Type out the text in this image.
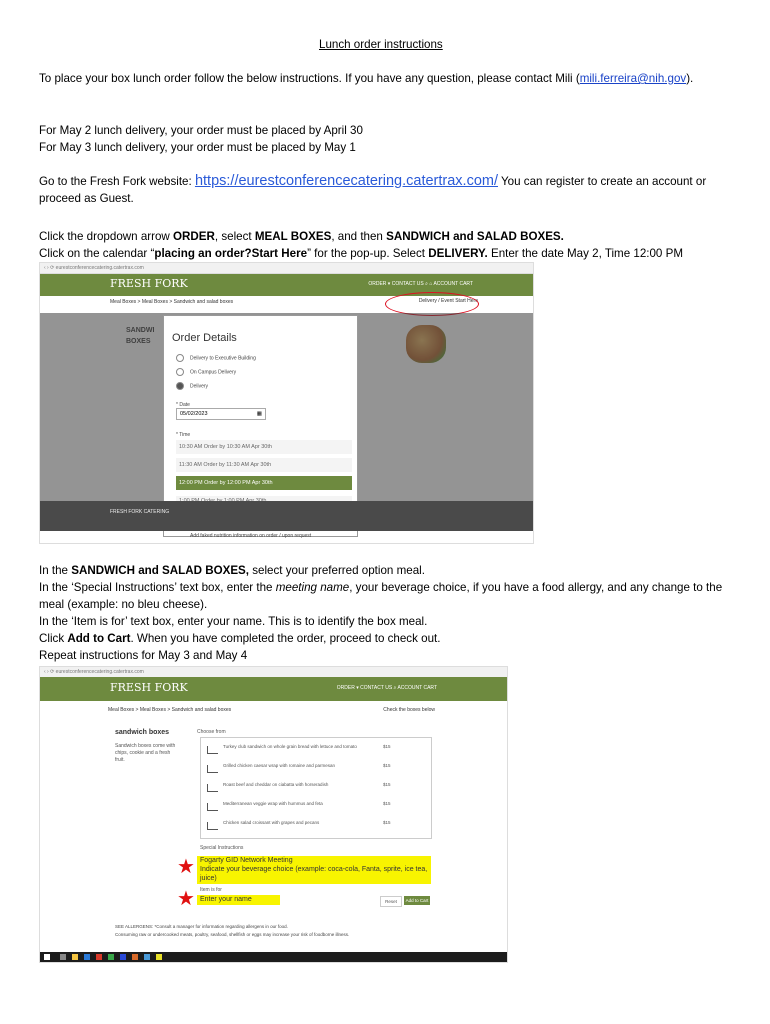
Lunch order instructions
To place your box lunch order follow the below instructions. If you have any question, please contact Mili (mili.ferreira@nih.gov).
For May 2 lunch delivery, your order must be placed by April 30
For May 3 lunch delivery, your order must be placed by May 1
Go to the Fresh Fork website: https://eurestconferencecatering.catertrax.com/ You can register to create an account or proceed as Guest.
Click the dropdown arrow ORDER, select MEAL BOXES, and then SANDWICH and SALAD BOXES.
Click on the calendar “placing an order?Start Here” for the pop-up. Select DELIVERY. Enter the date May 2, Time 12:00 PM
‹ › ⟳ eurestconferencecatering.catertrax.com
FRESH FORK	ORDER ▾ CONTACT US ⌕ ⌂ ACCOUNT CART
Meal Boxes > Meal Boxes > Sandwich and salad boxes	Delivery / Event Start Here
Order Details
Delivery to Executive Building
On Campus Delivery
Delivery
* Date
05/02/2023	▦
* Time
10:30 AM Order by 10:30 AM Apr 30th
11:30 AM Order by 11:30 AM Apr 30th
12:00 PM Order by 12:00 PM Apr 30th
FRESH FORK CATERING
Add faked nutrition information on order / upon request
In the SANDWICH and SALAD BOXES, select your preferred option meal.
In the ‘Special Instructions’ text box, enter the meeting name, your beverage choice, if you have a food allergy, and any change to the meal (example: no bleu cheese).
In the ‘Item is for’ text box, enter your name. This is to identify the box meal.
Click Add to Cart. When you have completed the order, proceed to check out.
Repeat instructions for May 3 and May 4
‹ › ⟳ eurestconferencecatering.catertrax.com
FRESH FORK	ORDER ▾ CONTACT US ⌕ ACCOUNT CART
Meal Boxes > Meal Boxes > Sandwich and salad boxes	Check the boxes below
sandwich boxes
Sandwich boxes come with chips, cookie and a fresh fruit.
Choose from
Turkey club sandwich on whole grain bread with lettuce and tomato	$15
Grilled chicken caesar wrap with romaine and parmesan	$15
Roast beef and cheddar on ciabatta with horseradish	$15
Mediterranean veggie wrap with hummus and feta	$15
Chicken salad croissant with grapes and pecans	$15
Special Instructions
★ Fogarty GID Network Meeting
Indicate your beverage choice (example: coca-cola, Fanta, sprite, ice tea, juice)
Item is for
★ Enter your name	Reset	Add to Cart
SEE ALLERGENS: *Consult a manager for information regarding allergens in our food.
Consuming raw or undercooked meats, poultry, seafood, shellfish or eggs may increase your risk of foodborne illness.
